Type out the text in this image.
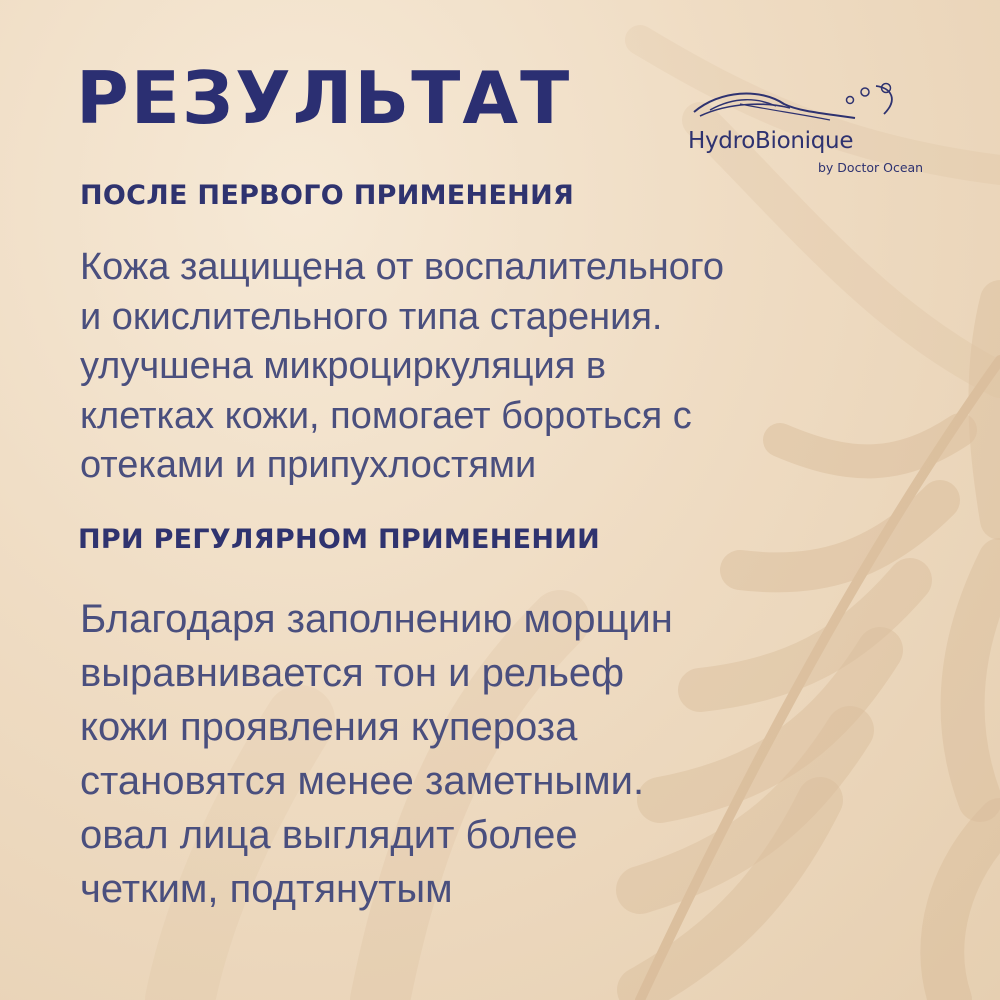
РЕЗУЛЬТАТ
HydroBionique
by Doctor Ocean
ПОСЛЕ ПЕРВОГО ПРИМЕНЕНИЯ

Кожа защищена от воспалительного
и окислительного типа старения.
улучшена микроциркуляция в
клетках кожи, помогает бороться с
отеками и припухлостями

ПРИ РЕГУЛЯРНОМ ПРИМЕНЕНИИ

Благодаря заполнению морщин
выравнивается тон и рельеф
кожи проявления купероза
становятся менее заметными.
овал лица выглядит более
четким, подтянутым
